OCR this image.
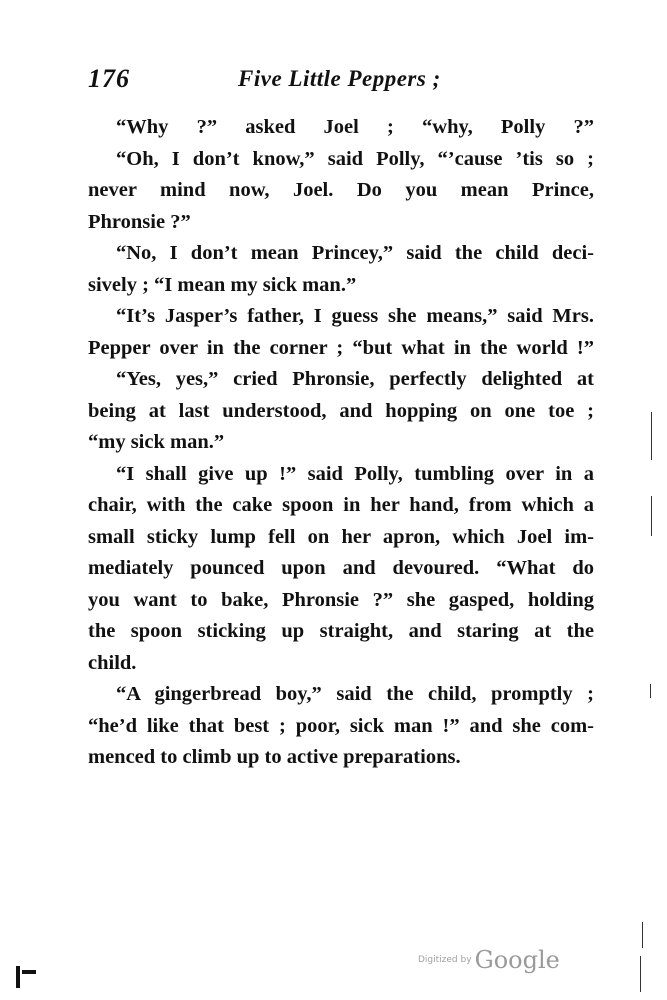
176	Five Little Peppers ;
“Why ?” asked Joel ; “why, Polly ?”
“Oh, I don’t know,” said Polly, “’cause ’tis so ;
never mind now, Joel. Do you mean Prince,
Phronsie ?”
“No, I don’t mean Princey,” said the child deci-
sively ; “I mean my sick man.”
“It’s Jasper’s father, I guess she means,” said Mrs.
Pepper over in the corner ; “but what in the world !”
“Yes, yes,” cried Phronsie, perfectly delighted at
being at last understood, and hopping on one toe ;
“my sick man.”
“I shall give up !” said Polly, tumbling over in a
chair, with the cake spoon in her hand, from which a
small sticky lump fell on her apron, which Joel im-
mediately pounced upon and devoured. “What do
you want to bake, Phronsie ?” she gasped, holding
the spoon sticking up straight, and staring at the
child.
“A gingerbread boy,” said the child, promptly ;
“he’d like that best ; poor, sick man !” and she com-
menced to climb up to active preparations.
Digitized by Google
